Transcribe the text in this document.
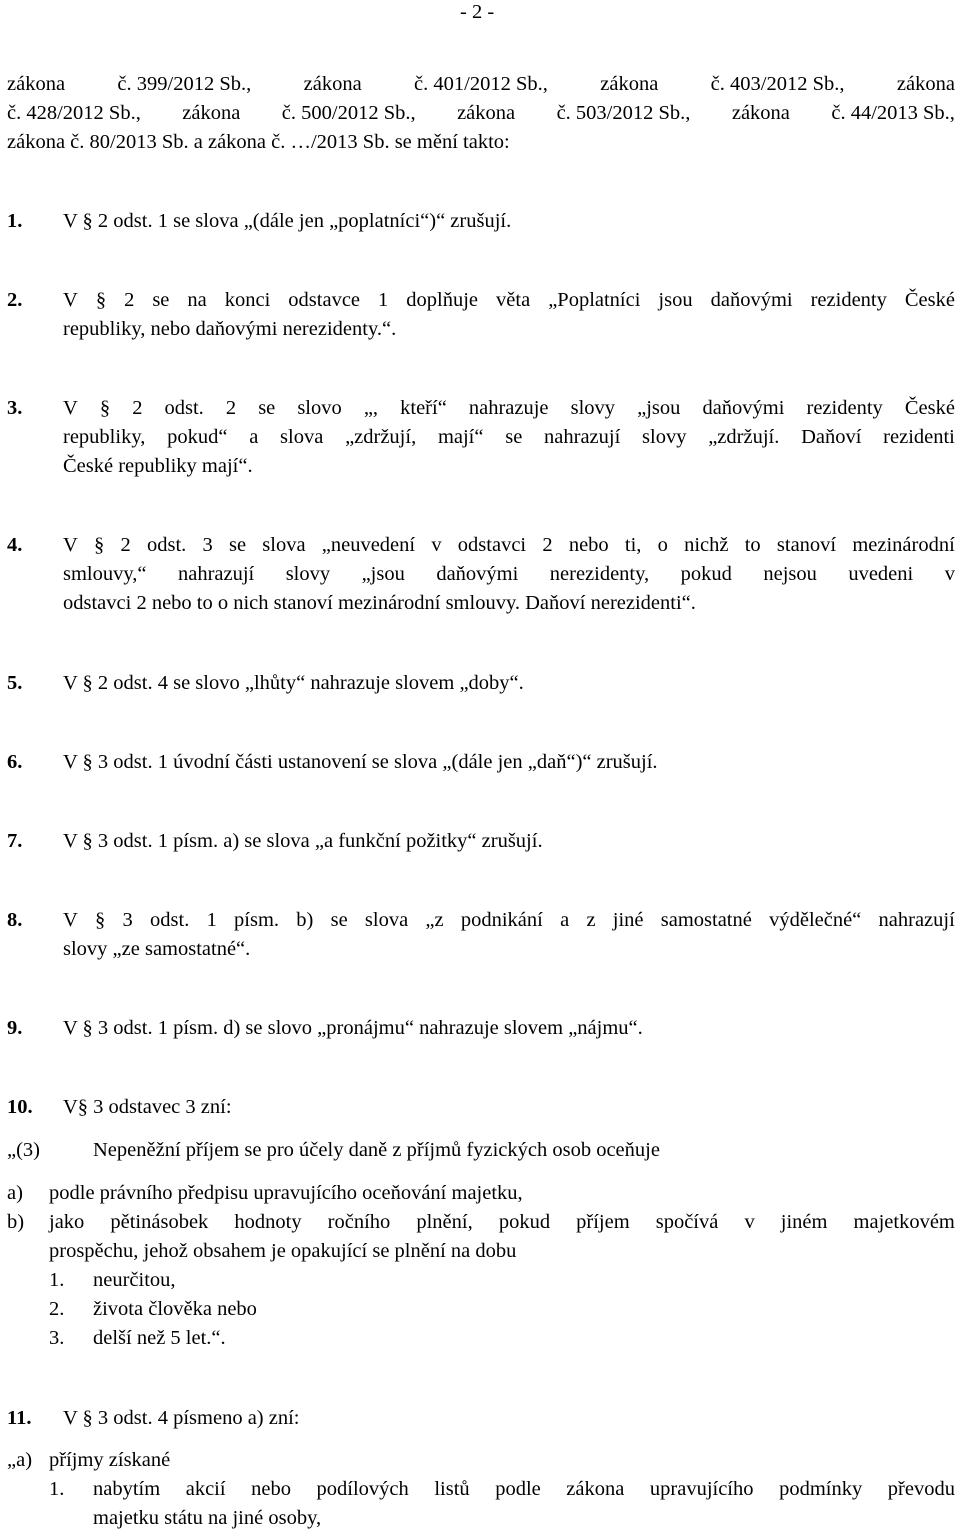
- 2 -
zákona	č. 399/2012 Sb.,	zákona	č. 401/2012 Sb.,	zákona	č. 403/2012 Sb.,	zákona
č. 428/2012 Sb., zákona č. 500/2012 Sb., zákona č. 503/2012 Sb., zákona č. 44/2013 Sb.,
zákona č. 80/2013 Sb. a zákona č. …/2013 Sb. se mění takto:
1. V § 2 odst. 1 se slova „(dále jen „poplatníci“)“ zrušují.
2. V § 2 se na konci odstavce 1 doplňuje věta „Poplatníci jsou daňovými rezidenty České
republiky, nebo daňovými nerezidenty.“.
3. V § 2 odst. 2 se slovo „, kteří“ nahrazuje slovy „jsou daňovými rezidenty České
republiky, pokud“ a slova „zdržují, mají“ se nahrazují slovy „zdržují. Daňoví rezidenti
České republiky mají“.
4. V § 2 odst. 3 se slova „neuvedení v odstavci 2 nebo ti, o nichž to stanoví mezinárodní
smlouvy,“ nahrazují slovy „jsou daňovými nerezidenty, pokud nejsou uvedeni v
odstavci 2 nebo to o nich stanoví mezinárodní smlouvy. Daňoví nerezidenti“.
5. V § 2 odst. 4 se slovo „lhůty“ nahrazuje slovem „doby“.
6. V § 3 odst. 1 úvodní části ustanovení se slova „(dále jen „daň“)“ zrušují.
7. V § 3 odst. 1 písm. a) se slova „a funkční požitky“ zrušují.
8. V § 3 odst. 1 písm. b) se slova „z podnikání a z jiné samostatné výdělečné“ nahrazují
slovy „ze samostatné“.
9. V § 3 odst. 1 písm. d) se slovo „pronájmu“ nahrazuje slovem „nájmu“.
10. V§ 3 odstavec 3 zní:
„(3)	Nepeněžní příjem se pro účely daně z příjmů fyzických osob oceňuje
a) podle právního předpisu upravujícího oceňování majetku,
b) jako pětinásobek hodnoty ročního plnění, pokud příjem spočívá v jiném majetkovém
prospěchu, jehož obsahem je opakující se plnění na dobu
1. neurčitou,
2. života člověka nebo
3. delší než 5 let.“.
11. V § 3 odst. 4 písmeno a) zní:
„a) příjmy získané
1. nabytím akcií nebo podílových listů podle zákona upravujícího podmínky převodu
majetku státu na jiné osoby,
